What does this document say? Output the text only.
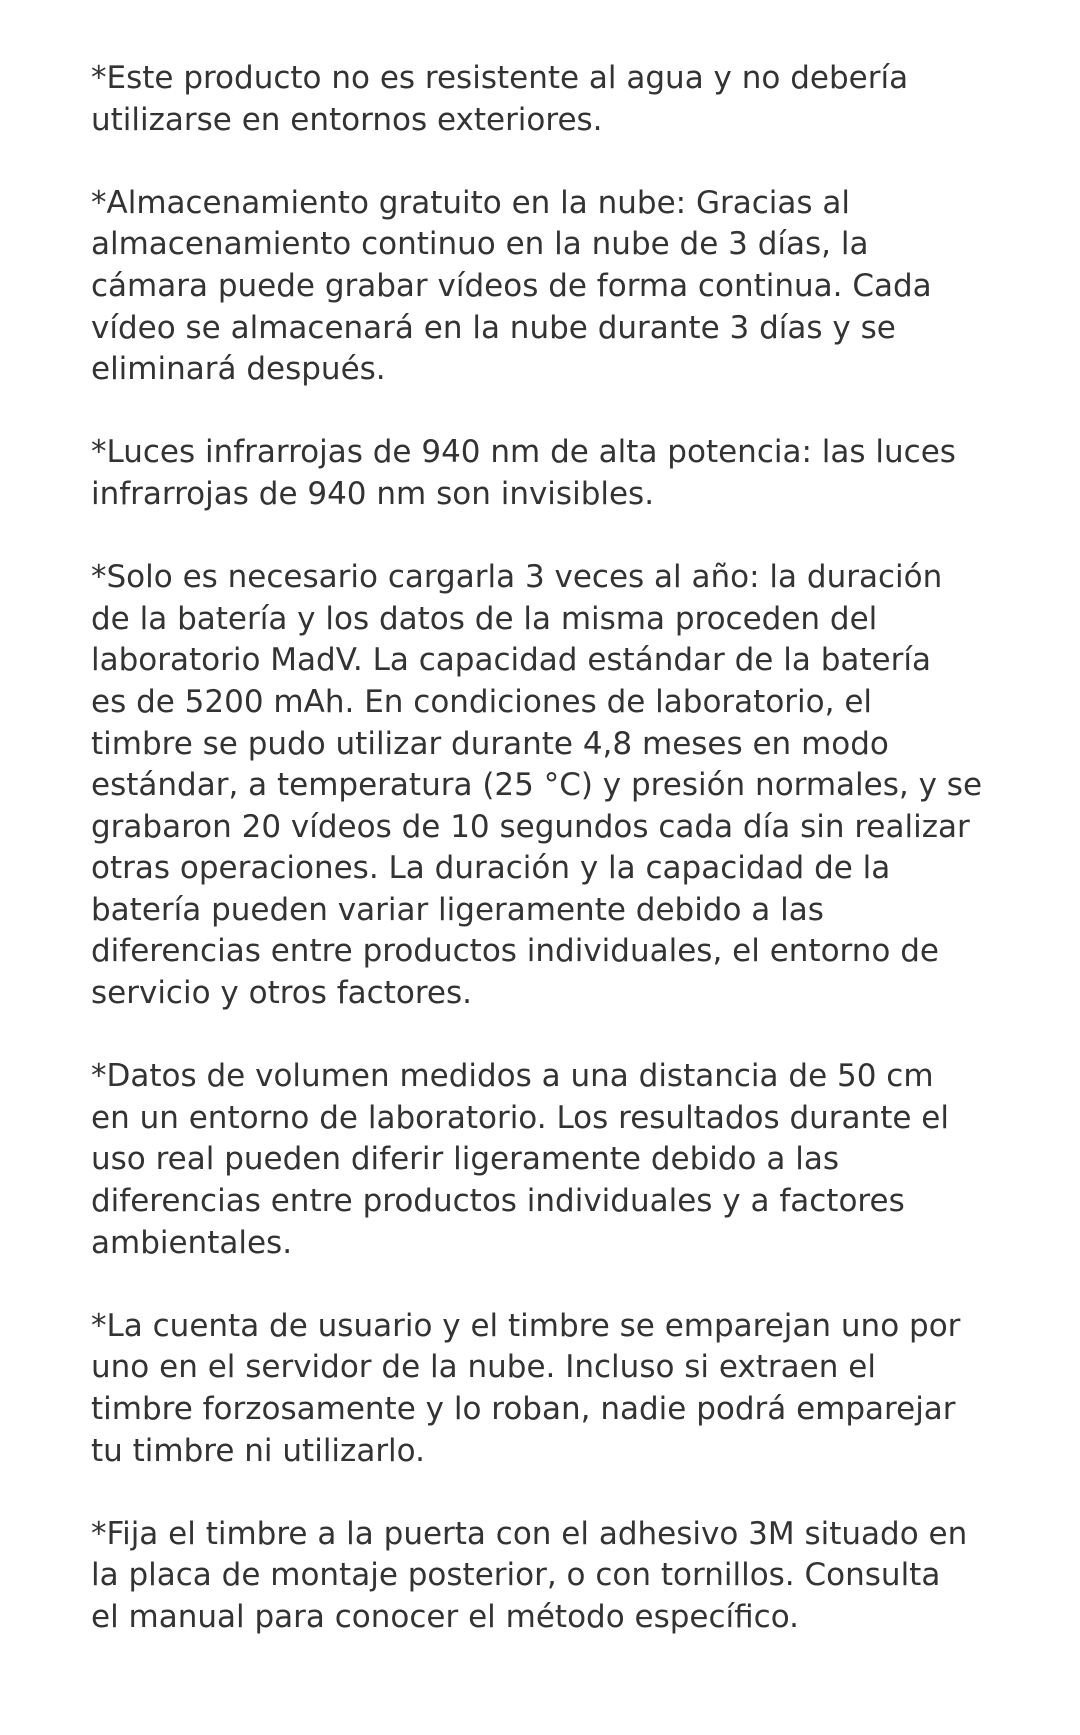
*Este producto no es resistente al agua y no debería
utilizarse en entornos exteriores.

*Almacenamiento gratuito en la nube: Gracias al
almacenamiento continuo en la nube de 3 días, la
cámara puede grabar vídeos de forma continua. Cada
vídeo se almacenará en la nube durante 3 días y se
eliminará después.

*Luces infrarrojas de 940 nm de alta potencia: las luces
infrarrojas de 940 nm son invisibles.

*Solo es necesario cargarla 3 veces al año: la duración
de la batería y los datos de la misma proceden del
laboratorio MadV. La capacidad estándar de la batería
es de 5200 mAh. En condiciones de laboratorio, el
timbre se pudo utilizar durante 4,8 meses en modo
estándar, a temperatura (25 °C) y presión normales, y se
grabaron 20 vídeos de 10 segundos cada día sin realizar
otras operaciones. La duración y la capacidad de la
batería pueden variar ligeramente debido a las
diferencias entre productos individuales, el entorno de
servicio y otros factores.

*Datos de volumen medidos a una distancia de 50 cm
en un entorno de laboratorio. Los resultados durante el
uso real pueden diferir ligeramente debido a las
diferencias entre productos individuales y a factores
ambientales.

*La cuenta de usuario y el timbre se emparejan uno por
uno en el servidor de la nube. Incluso si extraen el
timbre forzosamente y lo roban, nadie podrá emparejar
tu timbre ni utilizarlo.

*Fija el timbre a la puerta con el adhesivo 3M situado en
la placa de montaje posterior, o con tornillos. Consulta
el manual para conocer el método específico.
